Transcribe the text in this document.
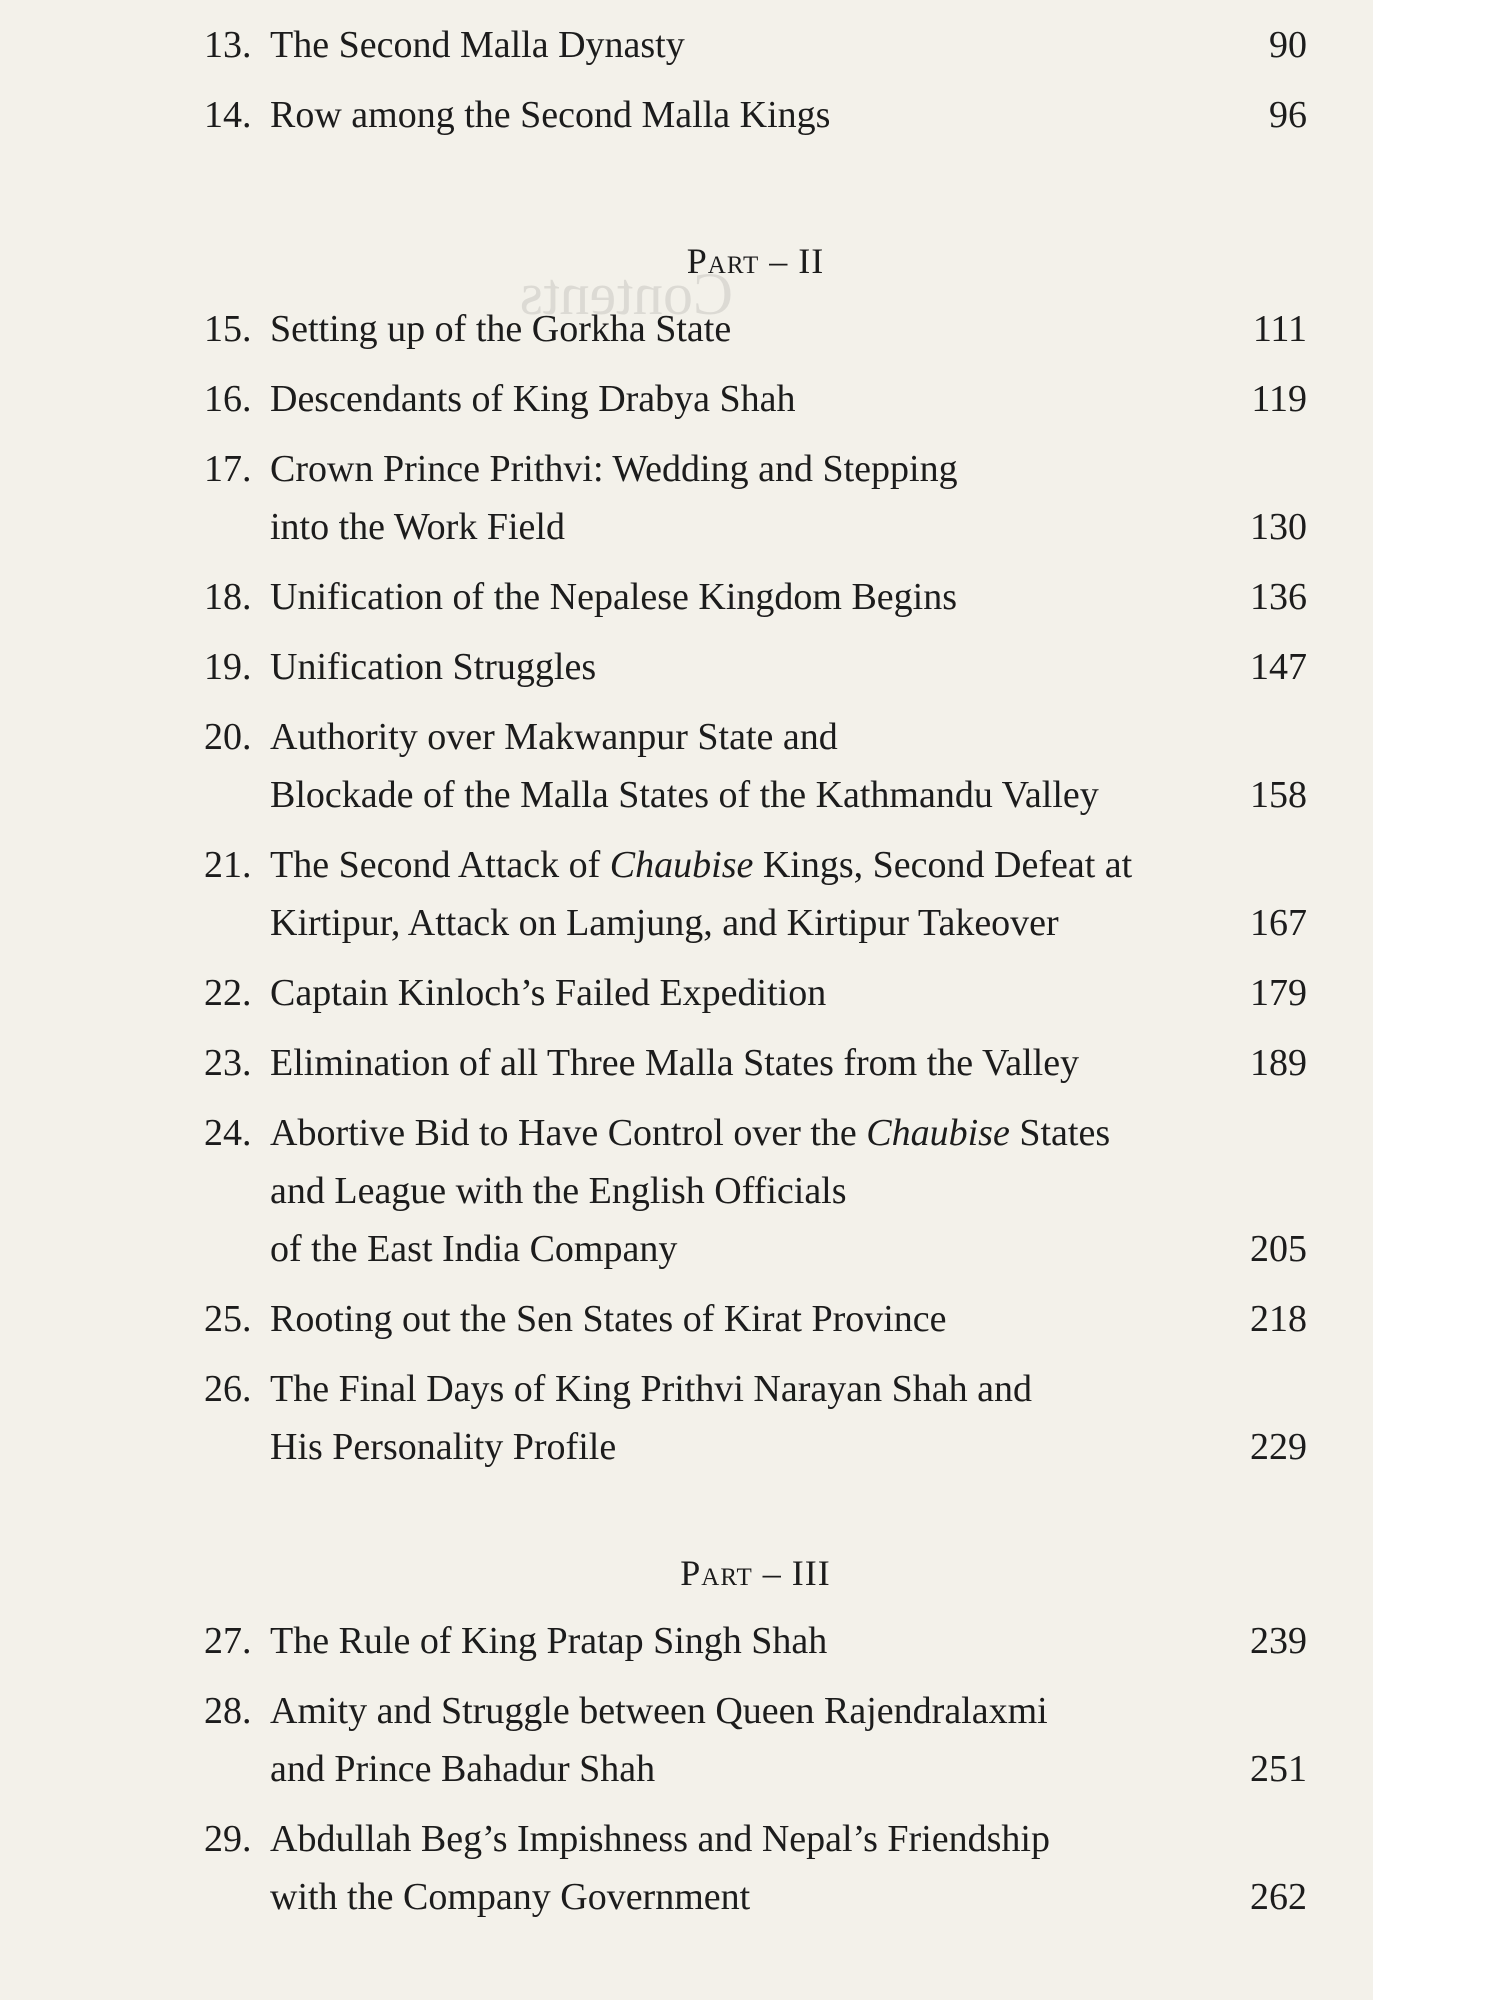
Contents
13. The Second Malla Dynasty	90
14. Row among the Second Malla Kings	96
Part – II
15. Setting up of the Gorkha State	111
16. Descendants of King Drabya Shah	119
17. Crown Prince Prithvi: Wedding and Stepping
into the Work Field	130
18. Unification of the Nepalese Kingdom Begins	136
19. Unification Struggles	147
20. Authority over Makwanpur State and
Blockade of the Malla States of the Kathmandu Valley	158
21. The Second Attack of Chaubise Kings, Second Defeat at
Kirtipur, Attack on Lamjung, and Kirtipur Takeover	167
22. Captain Kinloch’s Failed Expedition	179
23. Elimination of all Three Malla States from the Valley	189
24. Abortive Bid to Have Control over the Chaubise States
and League with the English Officials
of the East India Company	205
25. Rooting out the Sen States of Kirat Province	218
26. The Final Days of King Prithvi Narayan Shah and
His Personality Profile	229
Part – III
27. The Rule of King Pratap Singh Shah	239
28. Amity and Struggle between Queen Rajendralaxmi
and Prince Bahadur Shah	251
29. Abdullah Beg’s Impishness and Nepal’s Friendship
with the Company Government	262
